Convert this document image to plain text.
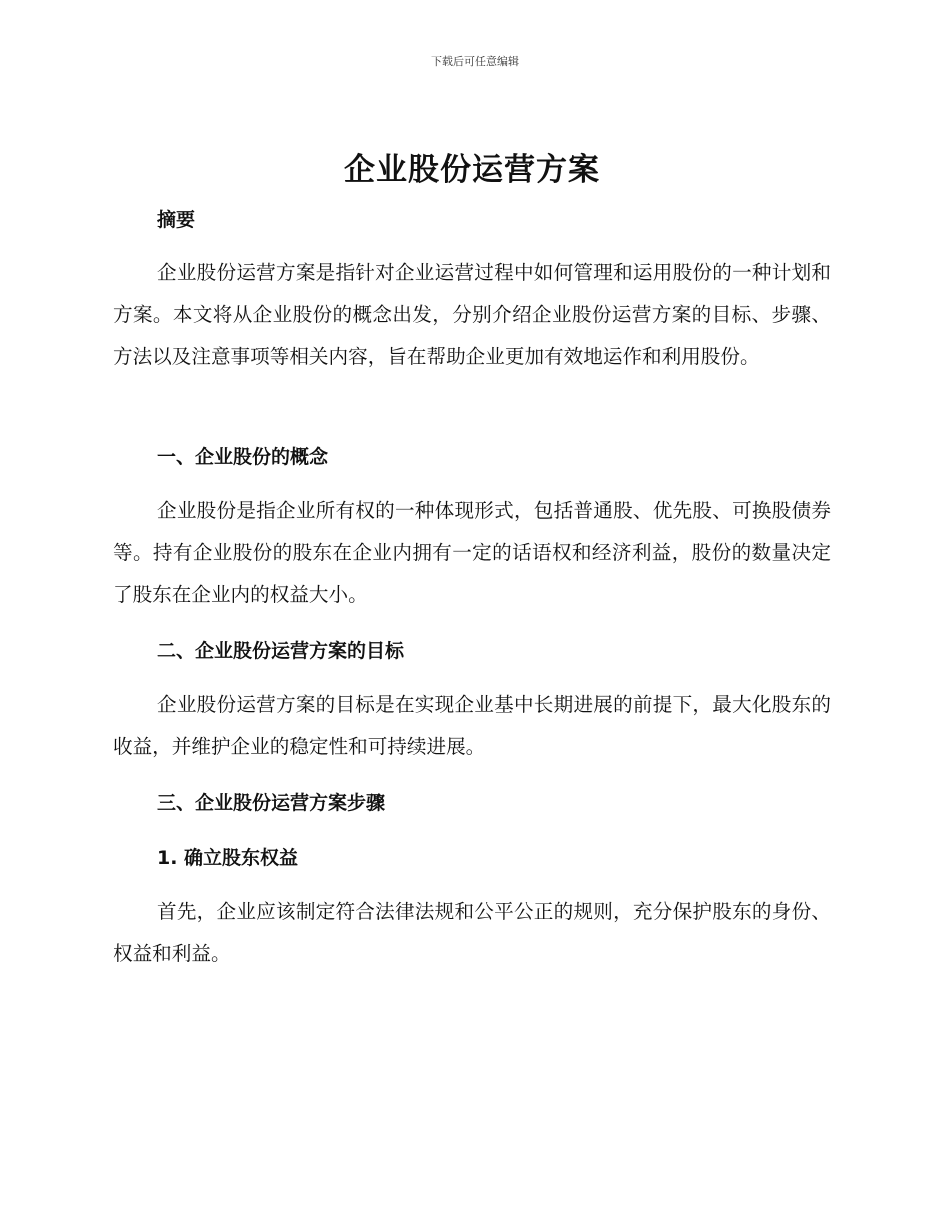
下载后可任意编辑
企业股份运营方案
摘要

企业股份运营方案是指针对企业运营过程中如何管理和运用股份的一种计划和方案。本文将从企业股份的概念出发，分别介绍企业股份运营方案的目标、步骤、方法以及注意事项等相关内容，旨在帮助企业更加有效地运作和利用股份。

一、企业股份的概念

企业股份是指企业所有权的一种体现形式，包括普通股、优先股、可换股债券等。持有企业股份的股东在企业内拥有一定的话语权和经济利益，股份的数量决定了股东在企业内的权益大小。

二、企业股份运营方案的目标

企业股份运营方案的目标是在实现企业基中长期进展的前提下，最大化股东的收益，并维护企业的稳定性和可持续进展。

三、企业股份运营方案步骤
1. 确立股东权益

首先，企业应该制定符合法律法规和公平公正的规则，充分保护股东的身份、权益和利益。
